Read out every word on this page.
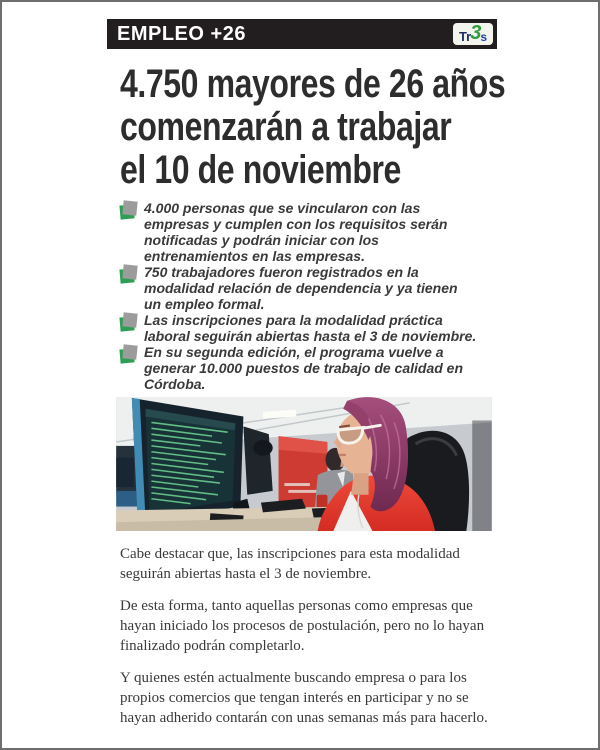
EMPLEO +26	Tr 3 s
4.750 mayores de 26 años
comenzarán a trabajar
el 10 de noviembre
4.000 personas que se vincularon con las empresas y cumplen con los requisitos serán notificadas y podrán iniciar con los entrenamientos en las empresas.
750 trabajadores fueron registrados en la modalidad relación de dependencia y ya tienen un empleo formal.
Las inscripciones para la modalidad práctica laboral seguirán abiertas hasta el 3 de noviembre.
En su segunda edición, el programa vuelve a generar 10.000 puestos de trabajo de calidad en Córdoba.

Cabe destacar que, las inscripciones para esta modalidad seguirán abiertas hasta el 3 de noviembre.

De esta forma, tanto aquellas personas como empresas que hayan iniciado los procesos de postulación, pero no lo hayan finalizado podrán completarlo.

Y quienes estén actualmente buscando empresa o para los propios comercios que tengan interés en participar y no se hayan adherido contarán con unas semanas más para hacerlo.
